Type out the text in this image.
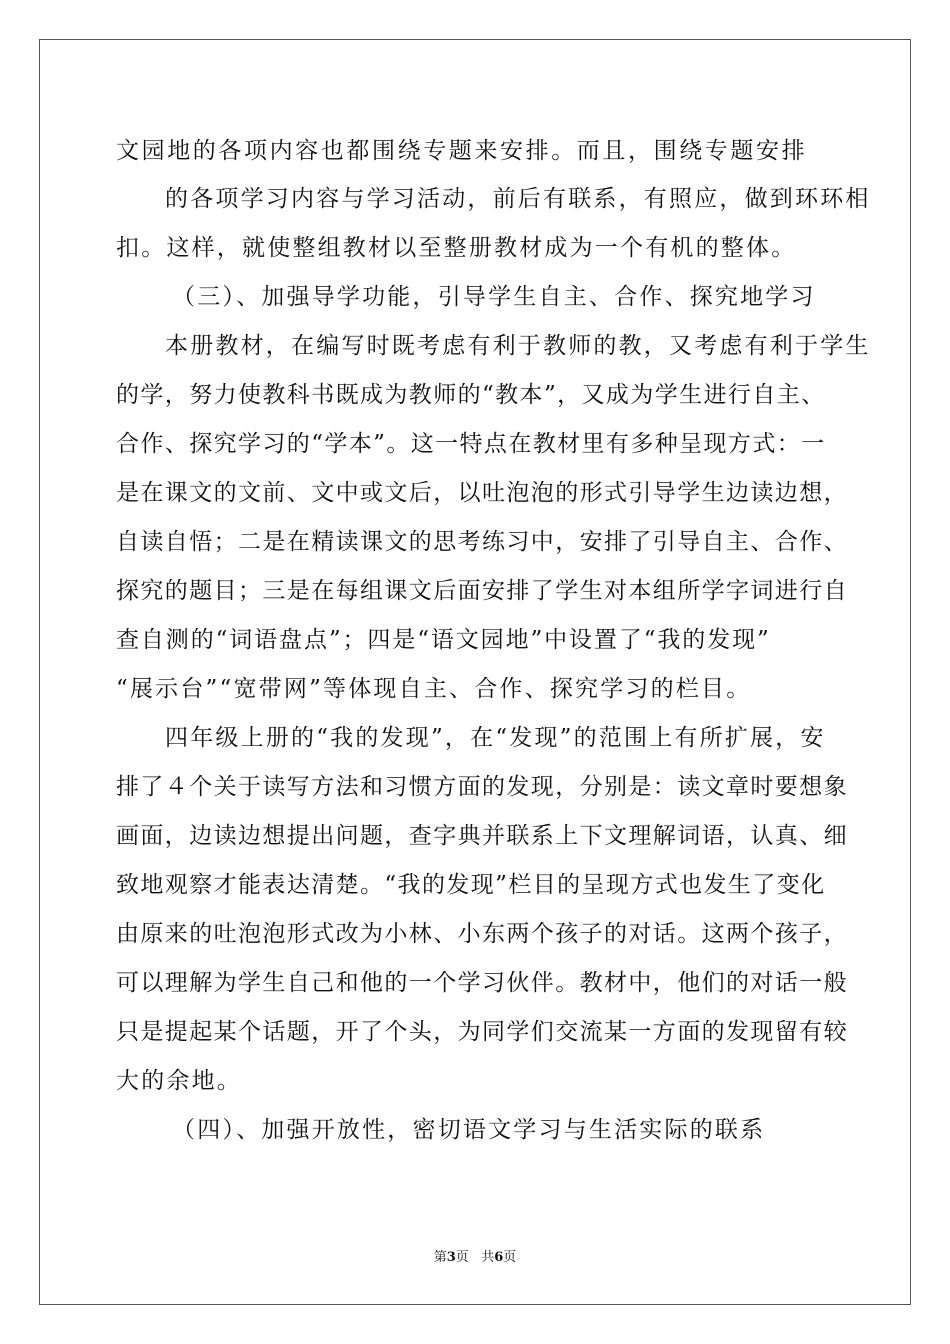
文园地的各项内容也都围绕专题来安排。而且，围绕专题安排
的各项学习内容与学习活动，前后有联系，有照应，做到环环相
扣。这样，就使整组教材以至整册教材成为一个有机的整体。
（三）、加强导学功能，引导学生自主、合作、探究地学习
本册教材，在编写时既考虑有利于教师的教，又考虑有利于学生
的学，努力使教科书既成为教师的“教本”，又成为学生进行自主、
合作、探究学习的“学本”。这一特点在教材里有多种呈现方式：一
是在课文的文前、文中或文后，以吐泡泡的形式引导学生边读边想，
自读自悟；二是在精读课文的思考练习中，安排了引导自主、合作、
探究的题目；三是在每组课文后面安排了学生对本组所学字词进行自
查自测的“词语盘点”；四是“语文园地”中设置了“我的发现”
“展示台”“宽带网”等体现自主、合作、探究学习的栏目。
四年级上册的“我的发现”，在“发现”的范围上有所扩展，安
排了４个关于读写方法和习惯方面的发现，分别是：读文章时要想象
画面，边读边想提出问题，查字典并联系上下文理解词语，认真、细
致地观察才能表达清楚。“我的发现”栏目的呈现方式也发生了变化
由原来的吐泡泡形式改为小林、小东两个孩子的对话。这两个孩子，
可以理解为学生自己和他的一个学习伙伴。教材中，他们的对话一般
只是提起某个话题，开了个头，为同学们交流某一方面的发现留有较
大的余地。
（四）、加强开放性，密切语文学习与生活实际的联系
第3页 共6页
